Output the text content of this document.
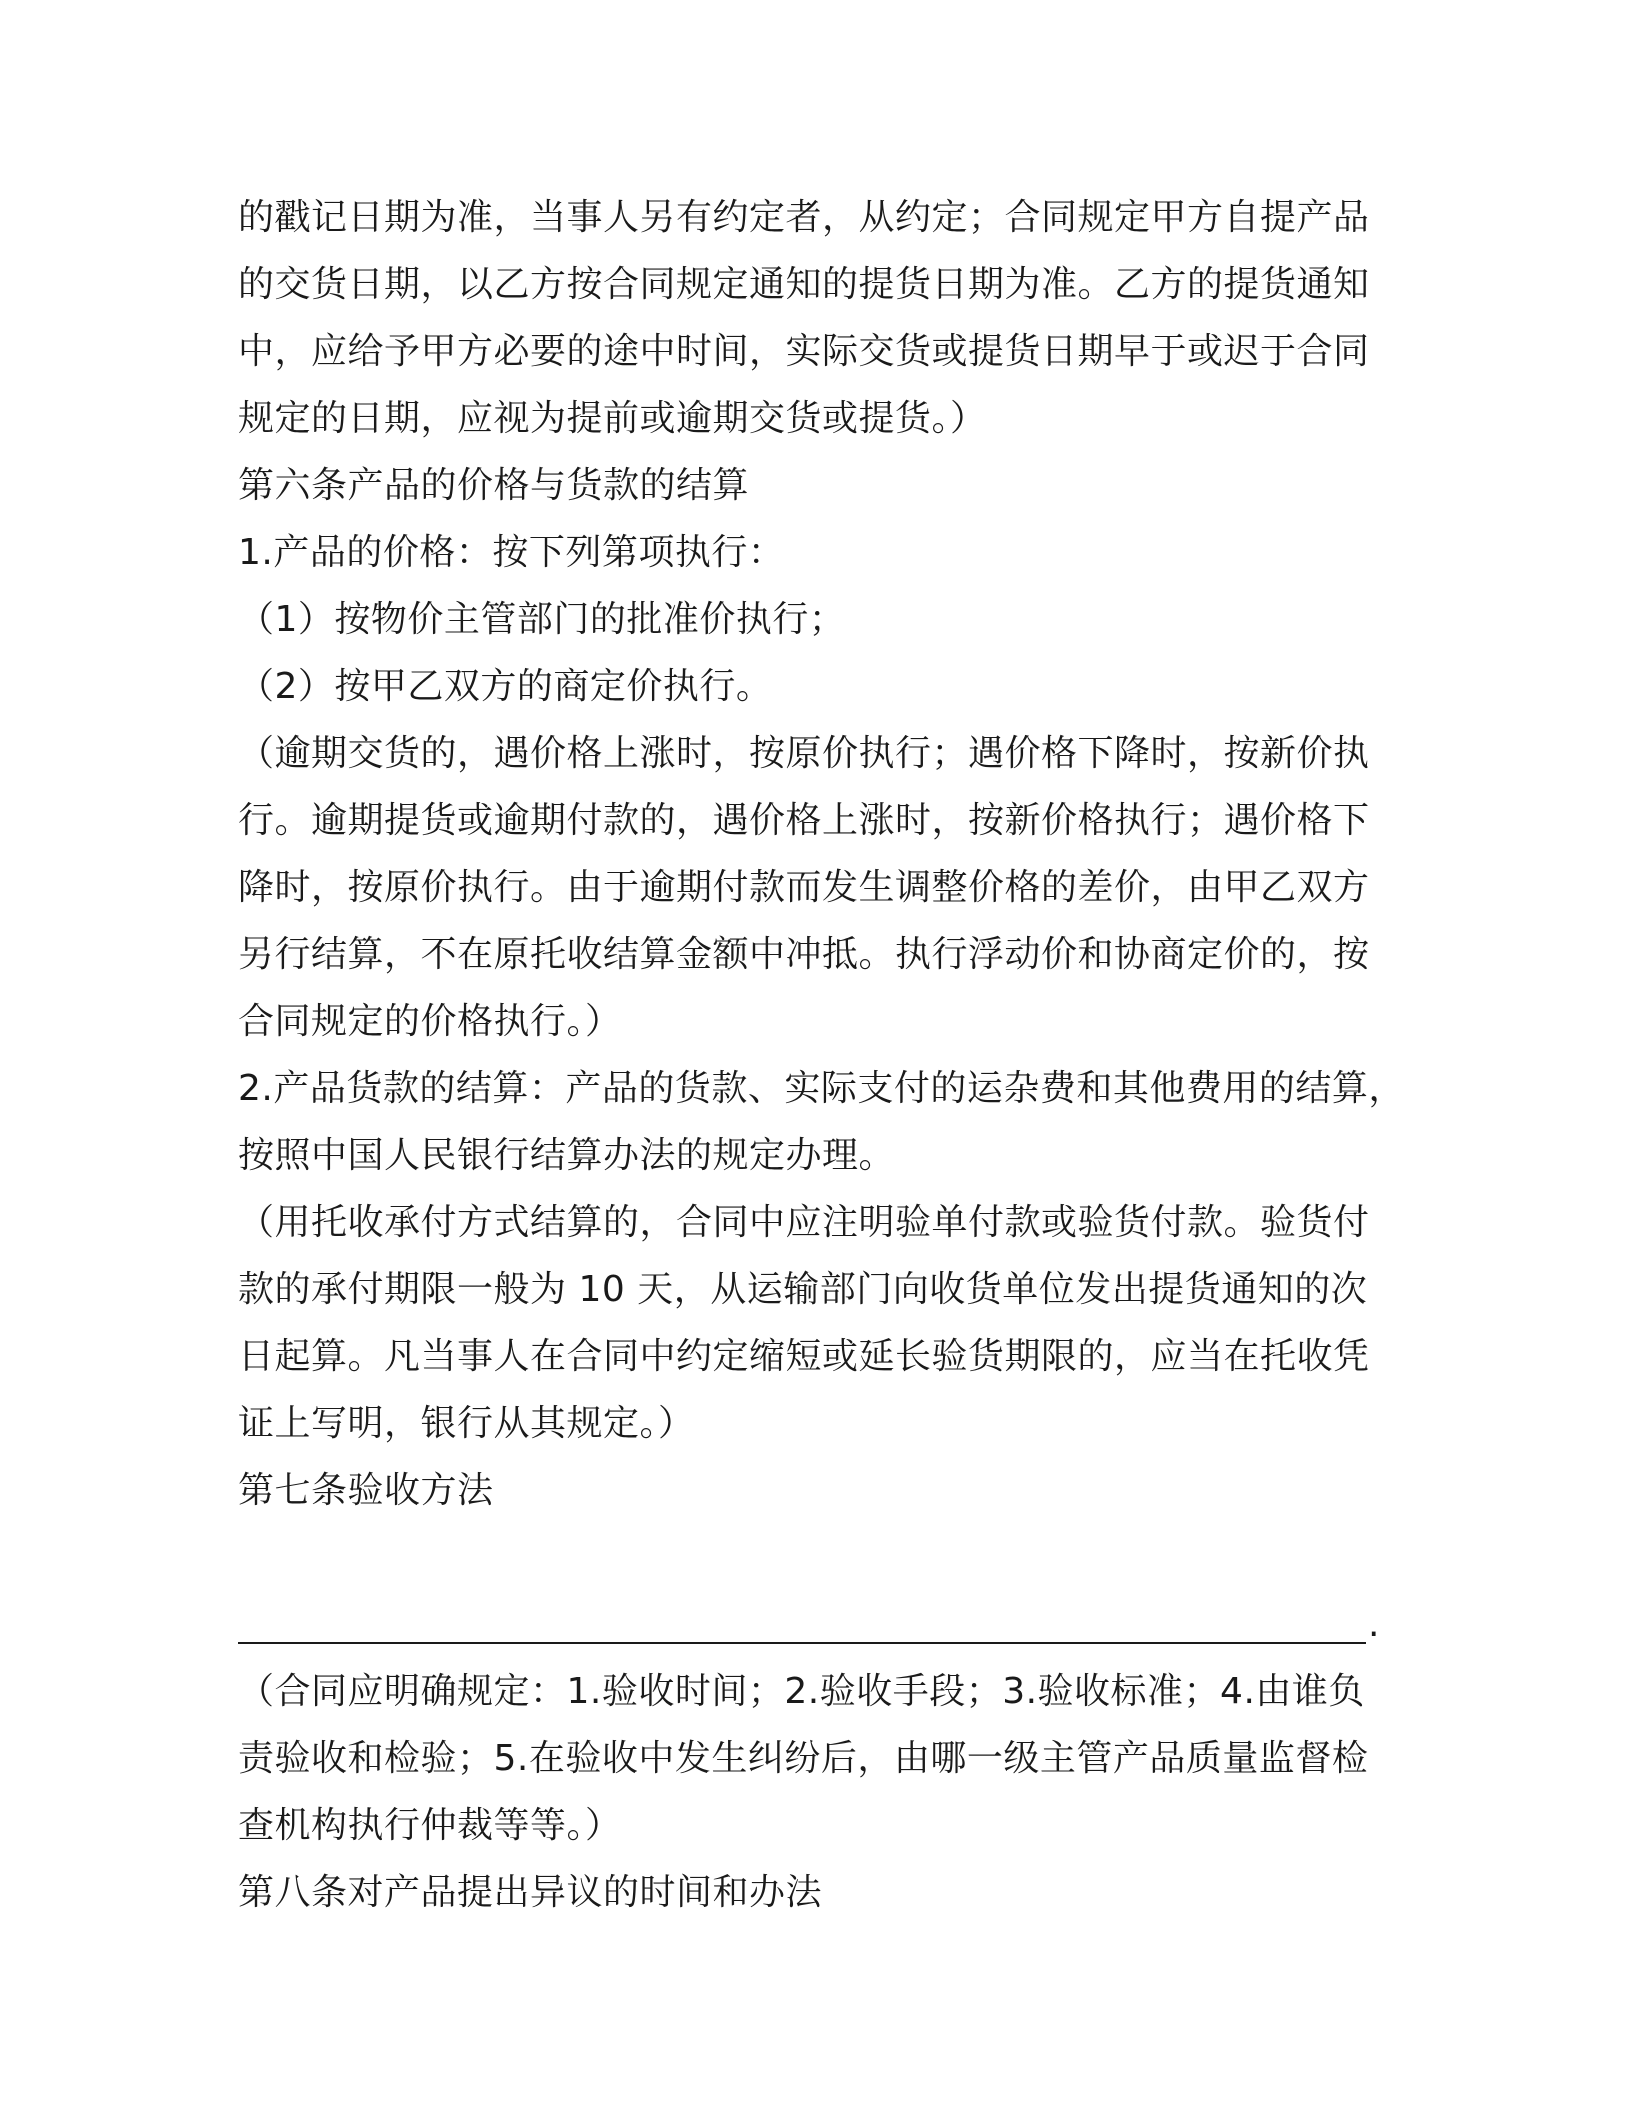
的戳记日期为准，当事人另有约定者，从约定；合同规定甲方自提产品
的交货日期，以乙方按合同规定通知的提货日期为准。乙方的提货通知
中，应给予甲方必要的途中时间，实际交货或提货日期早于或迟于合同
规定的日期，应视为提前或逾期交货或提货。）
第六条产品的价格与货款的结算
1.产品的价格：按下列第项执行：
（1）按物价主管部门的批准价执行；
（2）按甲乙双方的商定价执行。
（逾期交货的，遇价格上涨时，按原价执行；遇价格下降时，按新价执
行。逾期提货或逾期付款的，遇价格上涨时，按新价格执行；遇价格下
降时，按原价执行。由于逾期付款而发生调整价格的差价，由甲乙双方
另行结算，不在原托收结算金额中冲抵。执行浮动价和协商定价的，按
合同规定的价格执行。）
2.产品货款的结算：产品的货款、实际支付的运杂费和其他费用的结算，
按照中国人民银行结算办法的规定办理。
（用托收承付方式结算的，合同中应注明验单付款或验货付款。验货付
款的承付期限一般为 10 天，从运输部门向收货单位发出提货通知的次
日起算。凡当事人在合同中约定缩短或延长验货期限的，应当在托收凭
证上写明，银行从其规定。）
第七条验收方法
.
（合同应明确规定：1.验收时间；2.验收手段；3.验收标准；4.由谁负
责验收和检验；5.在验收中发生纠纷后，由哪一级主管产品质量监督检
查机构执行仲裁等等。）
第八条对产品提出异议的时间和办法
